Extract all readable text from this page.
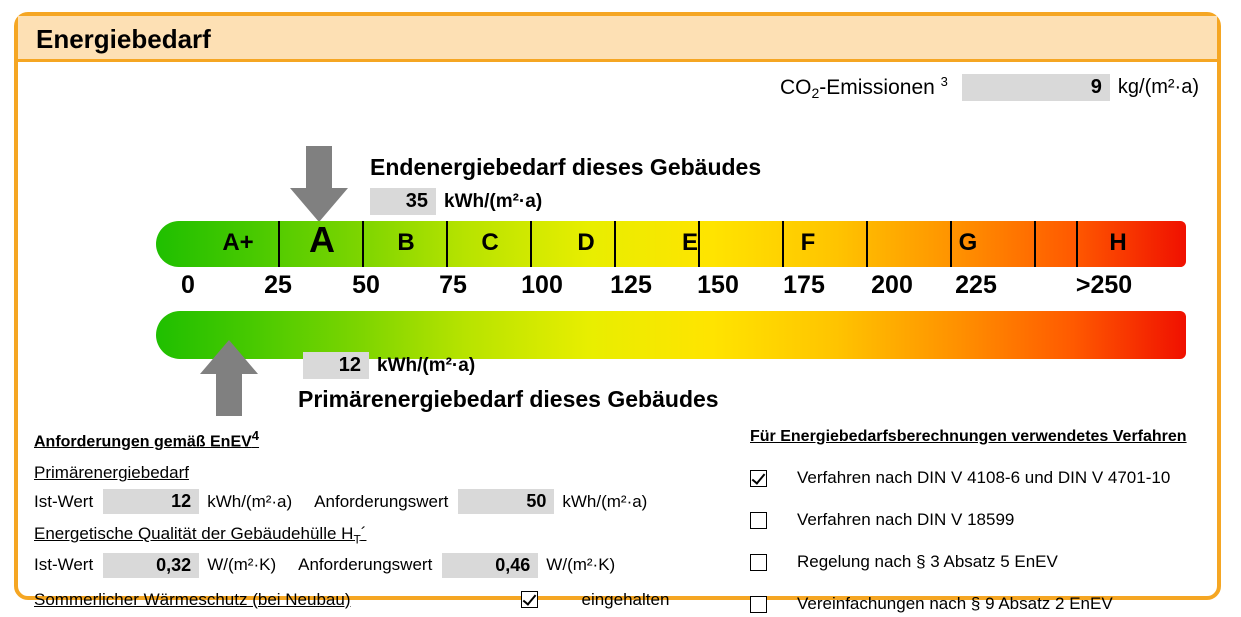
Energiebedarf
$CO_2$-Emissionen $^3$	9 kg/(m²·a)
Endenergiebedarf dieses Gebäudes
35 kWh/(m²·a)
A+ A	B	C	D	E	F	G	H
0	25 50 75 100 125 150 175 200 225	>250
12 kWh/(m²·a)
Primärenergiebedarf dieses Gebäudes
Anforderungen gemäß EnEV$^4$
Primärenergiebedarf
Ist-Wert	12 kWh/(m²·a) Anforderungswert	50 kWh/(m²·a)
Energetische Qualität der Gebäudehülle $H_T´$
Ist-Wert	0,32 W/(m²·K) Anforderungswert	0,46 W/(m²·K)
Sommerlicher Wärmeschutz (bei Neubau)	eingehalten
Für Energiebedarfsberechnungen verwendetes Verfahren
Verfahren nach DIN V 4108-6 und DIN V 4701-10
Verfahren nach DIN V 18599
Regelung nach § 3 Absatz 5 EnEV
Vereinfachungen nach § 9 Absatz 2 EnEV
